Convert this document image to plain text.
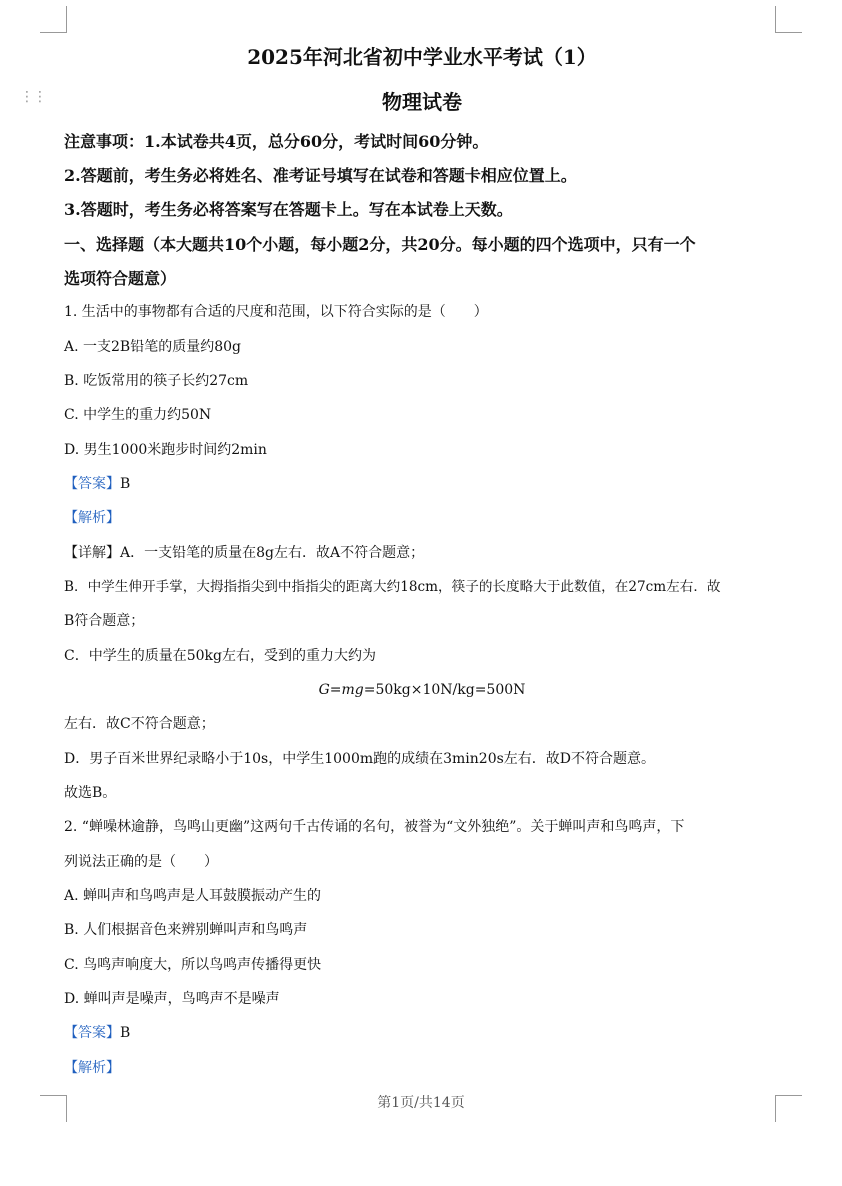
⋮⋮
2025年河北省初中学业水平考试（1）
物理试卷
注意事项：1.本试卷共4页，总分60分，考试时间60分钟。
2.答题前，考生务必将姓名、准考证号填写在试卷和答题卡相应位置上。
3.答题时，考生务必将答案写在答题卡上。写在本试卷上天数。
一、选择题（本大题共10个小题，每小题2分，共20分。每小题的四个选项中，只有一个
选项符合题意）
1. 生活中的事物都有合适的尺度和范围，以下符合实际的是（　　）
A. 一支2B铅笔的质量约80g
B. 吃饭常用的筷子长约27cm
C. 中学生的重力约50N
D. 男生1000米跑步时间约2min
【答案】B
【解析】
【详解】A．一支铅笔的质量在8g左右．故A不符合题意；
B．中学生伸开手掌，大拇指指尖到中指指尖的距离大约18cm，筷子的长度略大于此数值，在27cm左右．故
B符合题意；
C．中学生的质量在50kg左右，受到的重力大约为
G=mg=50kg×10N/kg=500N
左右．故C不符合题意；
D．男子百米世界纪录略小于10s，中学生1000m跑的成绩在3min20s左右．故D不符合题意。
故选B。
2. “蝉噪林逾静，鸟鸣山更幽”这两句千古传诵的名句，被誉为“文外独绝”。关于蝉叫声和鸟鸣声，下
列说法正确的是（　　）
A. 蝉叫声和鸟鸣声是人耳鼓膜振动产生的
B. 人们根据音色来辨别蝉叫声和鸟鸣声
C. 鸟鸣声响度大，所以鸟鸣声传播得更快
D. 蝉叫声是噪声，鸟鸣声不是噪声
【答案】B
【解析】
第1页/共14页
